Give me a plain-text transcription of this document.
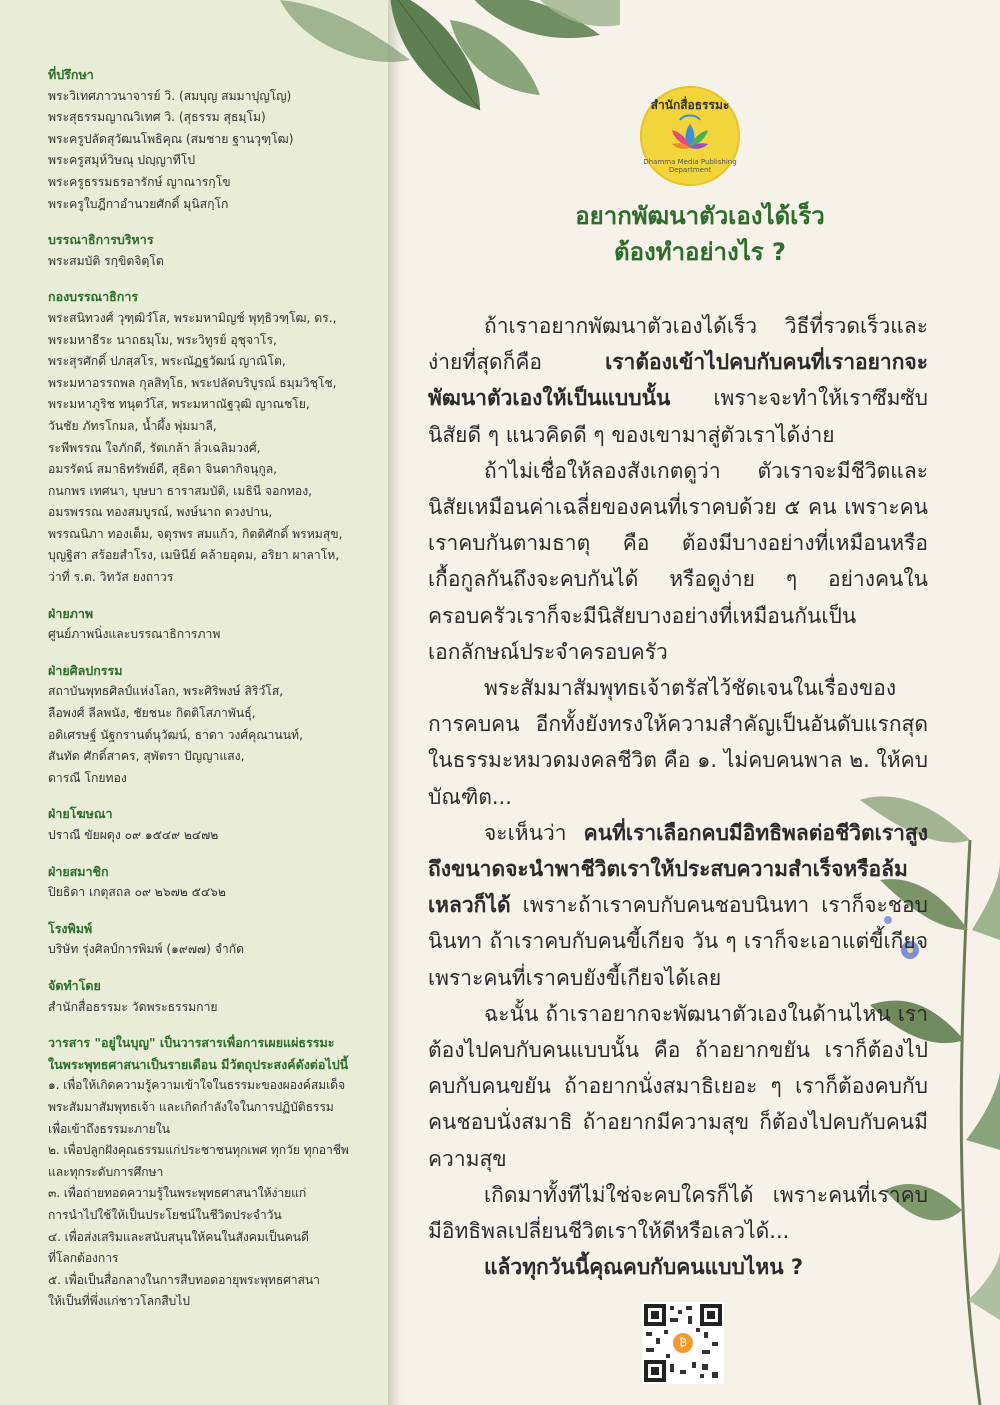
ที่ปรึกษา
พระวิเทศภาวนาจารย์ วิ. (สมบุญ สมมาปุญโญ)
พระสุธรรมญาณวิเทศ วิ. (สุธรรม สุธมฺโม)
พระครูปลัดสุวัฒนโพธิคุณ (สมชาย ฐานวุฑฺโฒ)
พระครูสมุห์วิษณุ ปญฺญาทีโป
พระครูธรรมธรอารักษ์ ญาณารกฺโข
พระครูใบฎีกาอำนวยศักดิ์ มุนิสกฺโก
บรรณาธิการบริหาร
พระสมบัติ รกฺขิตจิตฺโต
กองบรรณาธิการ
พระสนิทวงศ์ วุฑฺฒิวํโส, พระมหามิญช์ พุทฺธิวฑฺโฒ, ดร.,
พระมหาธีระ นาถธมฺโม, พระวิทูรย์ อุชุจาโร,
พระสุรศักดิ์ ปภสฺสโร, พระณัฏฐวัฒน์ ญาณิโต,
พระมหาอรรถพล กุลสิทฺโธ, พระปลัดบริบูรณ์ ธมฺมวิชฺโช,
พระมหาภูริช ทนุตวํโส, พระมหาณัฐวุฒิ ญาณชโย,
วันชัย ภัทรโกมล, น้ำผึ้ง พุ่มมาลี,
ระพีพรรณ ใจภักดี, รัตเกล้า ลิ่วเฉลิมวงศ์,
อมรรัตน์ สมาธิทรัพย์ดี, สุธิดา จินดากิจนุกูล,
กนกพร เทศนา, บุษบา ธาราสมบัติ, เมธินี จอกทอง,
อมรพรรณ ทองสมบูรณ์, พงษ์นาถ ดวงปาน,
พรรณนิภา ทองเต็ม, จตุรพร สมแก้ว, กิตติศักดิ์ พรหมสุข,
บุญฐิสา สร้อยสำโรง, เมษินีย์ คล้ายอุดม, อริยา ผาลาโห,
ว่าที่ ร.ต. วิทวัส ยงถาวร
ฝ่ายภาพ
ศูนย์ภาพนิ่งและบรรณาธิการภาพ
ฝ่ายศิลปกรรม
สถาบันพุทธศิลป์แห่งโลก, พระศิริพงษ์ สิริวํโส,
ลือพงศ์ ลีลพนัง, ชัยชนะ กิตติโสภาพันธุ์,
อดิเศรษฐ์ นัฐกรานต์นุวัฒน์, ธาดา วงศ์คุณานนท์,
สันทัด ศักดิ์สาคร, สุพัตรา ปัญญาแสง,
ดารณี โกยทอง
ฝ่ายโฆษณา
ปราณี ขัยผดุง ๐๙ ๑๕๔๙ ๒๔๗๒
ฝ่ายสมาชิก
ปิยธิดา เกตุสถล ๐๙ ๒๖๗๒ ๕๔๖๒
โรงพิมพ์
บริษัท รุ่งศิลป์การพิมพ์ (๑๙๗๗) จำกัด
จัดทำโดย
สำนักสื่อธรรมะ วัดพระธรรมกาย
วารสาร "อยู่ในบุญ" เป็นวารสารเพื่อการเผยแผ่ธรรมะ
ในพระพุทธศาสนาเป็นรายเดือน มีวัตถุประสงค์ดังต่อไปนี้
๑. เพื่อให้เกิดความรู้ความเข้าใจในธรรมะของผองค์สมเด็จ
พระสัมมาสัมพุทธเจ้า และเกิดกำลังใจในการปฏิบัติธรรม
เพื่อเข้าถึงธรรมะภายใน
๒. เพื่อปลูกฝังคุณธรรมแก่ประชาชนทุกเพศ ทุกวัย ทุกอาชีพ
และทุกระดับการศึกษา
๓. เพื่อถ่ายทอดความรู้ในพระพุทธศาสนาให้ง่ายแก่
การนำไปใช้ให้เป็นประโยชน์ในชีวิตประจำวัน
๔. เพื่อส่งเสริมและสนับสนุนให้คนในสังคมเป็นคนดี
ที่โลกต้องการ
๕. เพื่อเป็นสื่อกลางในการสืบทอดอายุพระพุทธศาสนา
ให้เป็นที่พึ่งแก่ชาวโลกสืบไป
สำนักสื่อธรรมะ
Dhamma Media Publishing Department
อยากพัฒนาตัวเองได้เร็ว
ต้องทำอย่างไร ?
ถ้าเราอยากพัฒนาตัวเองได้เร็ว วิธีที่รวดเร็วและง่ายที่สุดก็คือ เราต้องเข้าไปคบกับคนที่เราอยากจะพัฒนาตัวเองให้เป็นแบบนั้น เพราะจะทำให้เราซึมซับนิสัยดี ๆ แนวคิดดี ๆ ของเขามาสู่ตัวเราได้ง่าย
ถ้าไม่เชื่อให้ลองสังเกตดูว่า ตัวเราจะมีชีวิตและนิสัยเหมือนค่าเฉลี่ยของคนที่เราคบด้วย ๕ คน เพราะคนเราคบกันตามธาตุ คือ ต้องมีบางอย่างที่เหมือนหรือเกื้อกูลกันถึงจะคบกันได้ หรือดูง่าย ๆ อย่างคนในครอบครัวเราก็จะมีนิสัยบางอย่างที่เหมือนกันเป็นเอกลักษณ์ประจำครอบครัว
พระสัมมาสัมพุทธเจ้าตรัสไว้ชัดเจนในเรื่องของการคบคน อีกทั้งยังทรงให้ความสำคัญเป็นอันดับแรกสุดในธรรมะหมวดมงคลชีวิต คือ ๑. ไม่คบคนพาล ๒. ให้คบบัณฑิต...
จะเห็นว่า คนที่เราเลือกคบมีอิทธิพลต่อชีวิตเราสูงถึงขนาดจะนำพาชีวิตเราให้ประสบความสำเร็จหรือล้มเหลวก็ได้ เพราะถ้าเราคบกับคนชอบนินทา เราก็จะชอบนินทา ถ้าเราคบกับคนขี้เกียจ วัน ๆ เราก็จะเอาแต่ขี้เกียจ เพราะคนที่เราคบยังขี้เกียจได้เลย
ฉะนั้น ถ้าเราอยากจะพัฒนาตัวเองในด้านไหน เราต้องไปคบกับคนแบบนั้น คือ ถ้าอยากขยัน เราก็ต้องไปคบกับคนขยัน ถ้าอยากนั่งสมาธิเยอะ ๆ เราก็ต้องคบกับคนชอบนั่งสมาธิ ถ้าอยากมีความสุข ก็ต้องไปคบกับคนมีความสุข
เกิดมาทั้งทีไม่ใช่จะคบใครก็ได้ เพราะคนที่เราคบมีอิทธิพลเปลี่ยนชีวิตเราให้ดีหรือเลวได้...
แล้วทุกวันนี้คุณคบกับคนแบบไหน ?
₿
